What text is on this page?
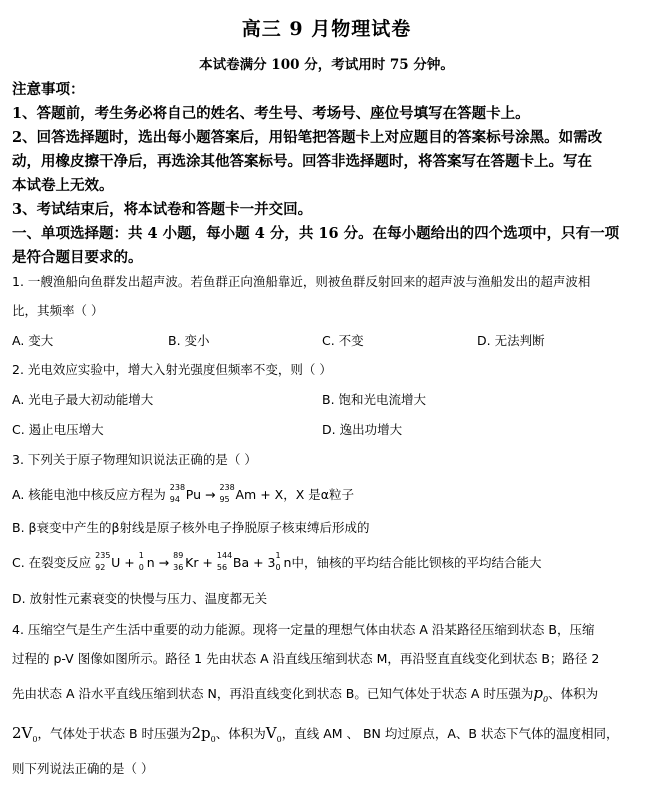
高三 9 月物理试卷
本试卷满分 100 分，考试用时 75 分钟。
注意事项：
1、答题前，考生务必将自己的姓名、考生号、考场号、座位号填写在答题卡上。
2、回答选择题时，选出每小题答案后，用铅笔把答题卡上对应题目的答案标号涂黑。如需改
动，用橡皮擦干净后，再选涂其他答案标号。回答非选择题时，将答案写在答题卡上。写在
本试卷上无效。
3、考试结束后，将本试卷和答题卡一并交回。
一、单项选择题：共 4 小题，每小题 4 分，共 16 分。在每小题给出的四个选项中，只有一项
是符合题目要求的。
1. 一艘渔船向鱼群发出超声波。若鱼群正向渔船靠近，则被鱼群反射回来的超声波与渔船发出的超声波相
比，其频率（ ）
A. 变大	B. 变小	C. 不变	D. 无法判断
2. 光电效应实验中，增大入射光强度但频率不变，则（ ）
A. 光电子最大初动能增大	B. 饱和光电流增大
C. 遏止电压增大	D. 逸出功增大
3. 下列关于原子物理知识说法正确的是（ ）
A. 核能电池中核反应方程为 238
94 Pu → 238
95 Am + X，X 是α粒子
B. β衰变中产生的β射线是原子核外电子挣脱原子核束缚后形成的
C. 在裂变反应 235
92 U + 1
0 n → 89
36 Kr + 144
56 Ba + 3 1
0 n中，铀核的平均结合能比钡核的平均结合能大
D. 放射性元素衰变的快慢与压力、温度都无关
4. 压缩空气是生产生活中重要的动力能源。现将一定量的理想气体由状态 A 沿某路径压缩到状态 B，压缩
过程的 p-V 图像如图所示。路径 1 先由状态 A 沿直线压缩到状态 M，再沿竖直直线变化到状态 B；路径 2
先由状态 A 沿水平直线压缩到状态 N，再沿直线变化到状态 B。已知气体处于状态 A 时压强为$p_0$、体积为
$2V_0$，气体处于状态 B 时压强为$2p_0$、体积为$V_0$，直线 AM 、 BN 均过原点，A、B 状态下气体的温度相同，
则下列说法正确的是（ ）
